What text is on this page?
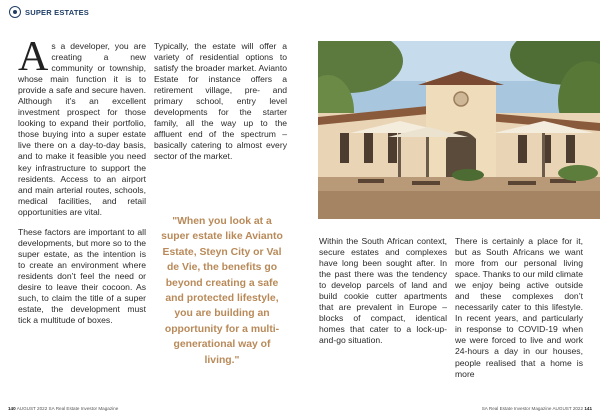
SUPER ESTATES

As a developer, you are creating a new community or township, whose main function it is to provide a safe and secure haven. Although it’s an excellent investment prospect for those looking to expand their portfolio, those buying into a super estate live there on a day-to-day basis, and to make it feasible you need key infrastructure to support the residents. Access to an airport and main arterial routes, schools, medical facilities, and retail opportunities are vital.

These factors are important to all developments, but more so to the super estate, as the intention is to create an environment where residents don’t feel the need or desire to leave their cocoon. As such, to claim the title of a super estate, the development must tick a multitude of boxes.

Typically, the estate will offer a variety of residential options to satisfy the broader market. Avianto Estate for instance offers a retirement village, pre- and primary school, entry level developments for the starter family, all the way up to the affluent end of the spectrum – basically catering to almost every sector of the market.

"When you look at a super estate like Avianto Estate, Steyn City or Val de Vie, the benefits go beyond creating a safe and protected lifestyle, you are building an opportunity for a multi-generational way of living."

Within the South African context, secure estates and complexes have long been sought after. In the past there was the tendency to develop parcels of land and build cookie cutter apartments that are prevalent in Europe – blocks of compact, identical homes that cater to a lock-up-and-go situation.

There is certainly a place for it, but as South Africans we want more from our personal living space. Thanks to our mild climate we enjoy being active outside and these complexes don’t necessarily cater to this lifestyle. In recent years, and particularly in response to COVID-19 when we were forced to live and work 24-hours a day in our houses, people realised that a home is more

140 AUGUST 2022 SA Real Estate Investor Magazine	SA Real Estate Investor Magazine AUGUST 2022 141
